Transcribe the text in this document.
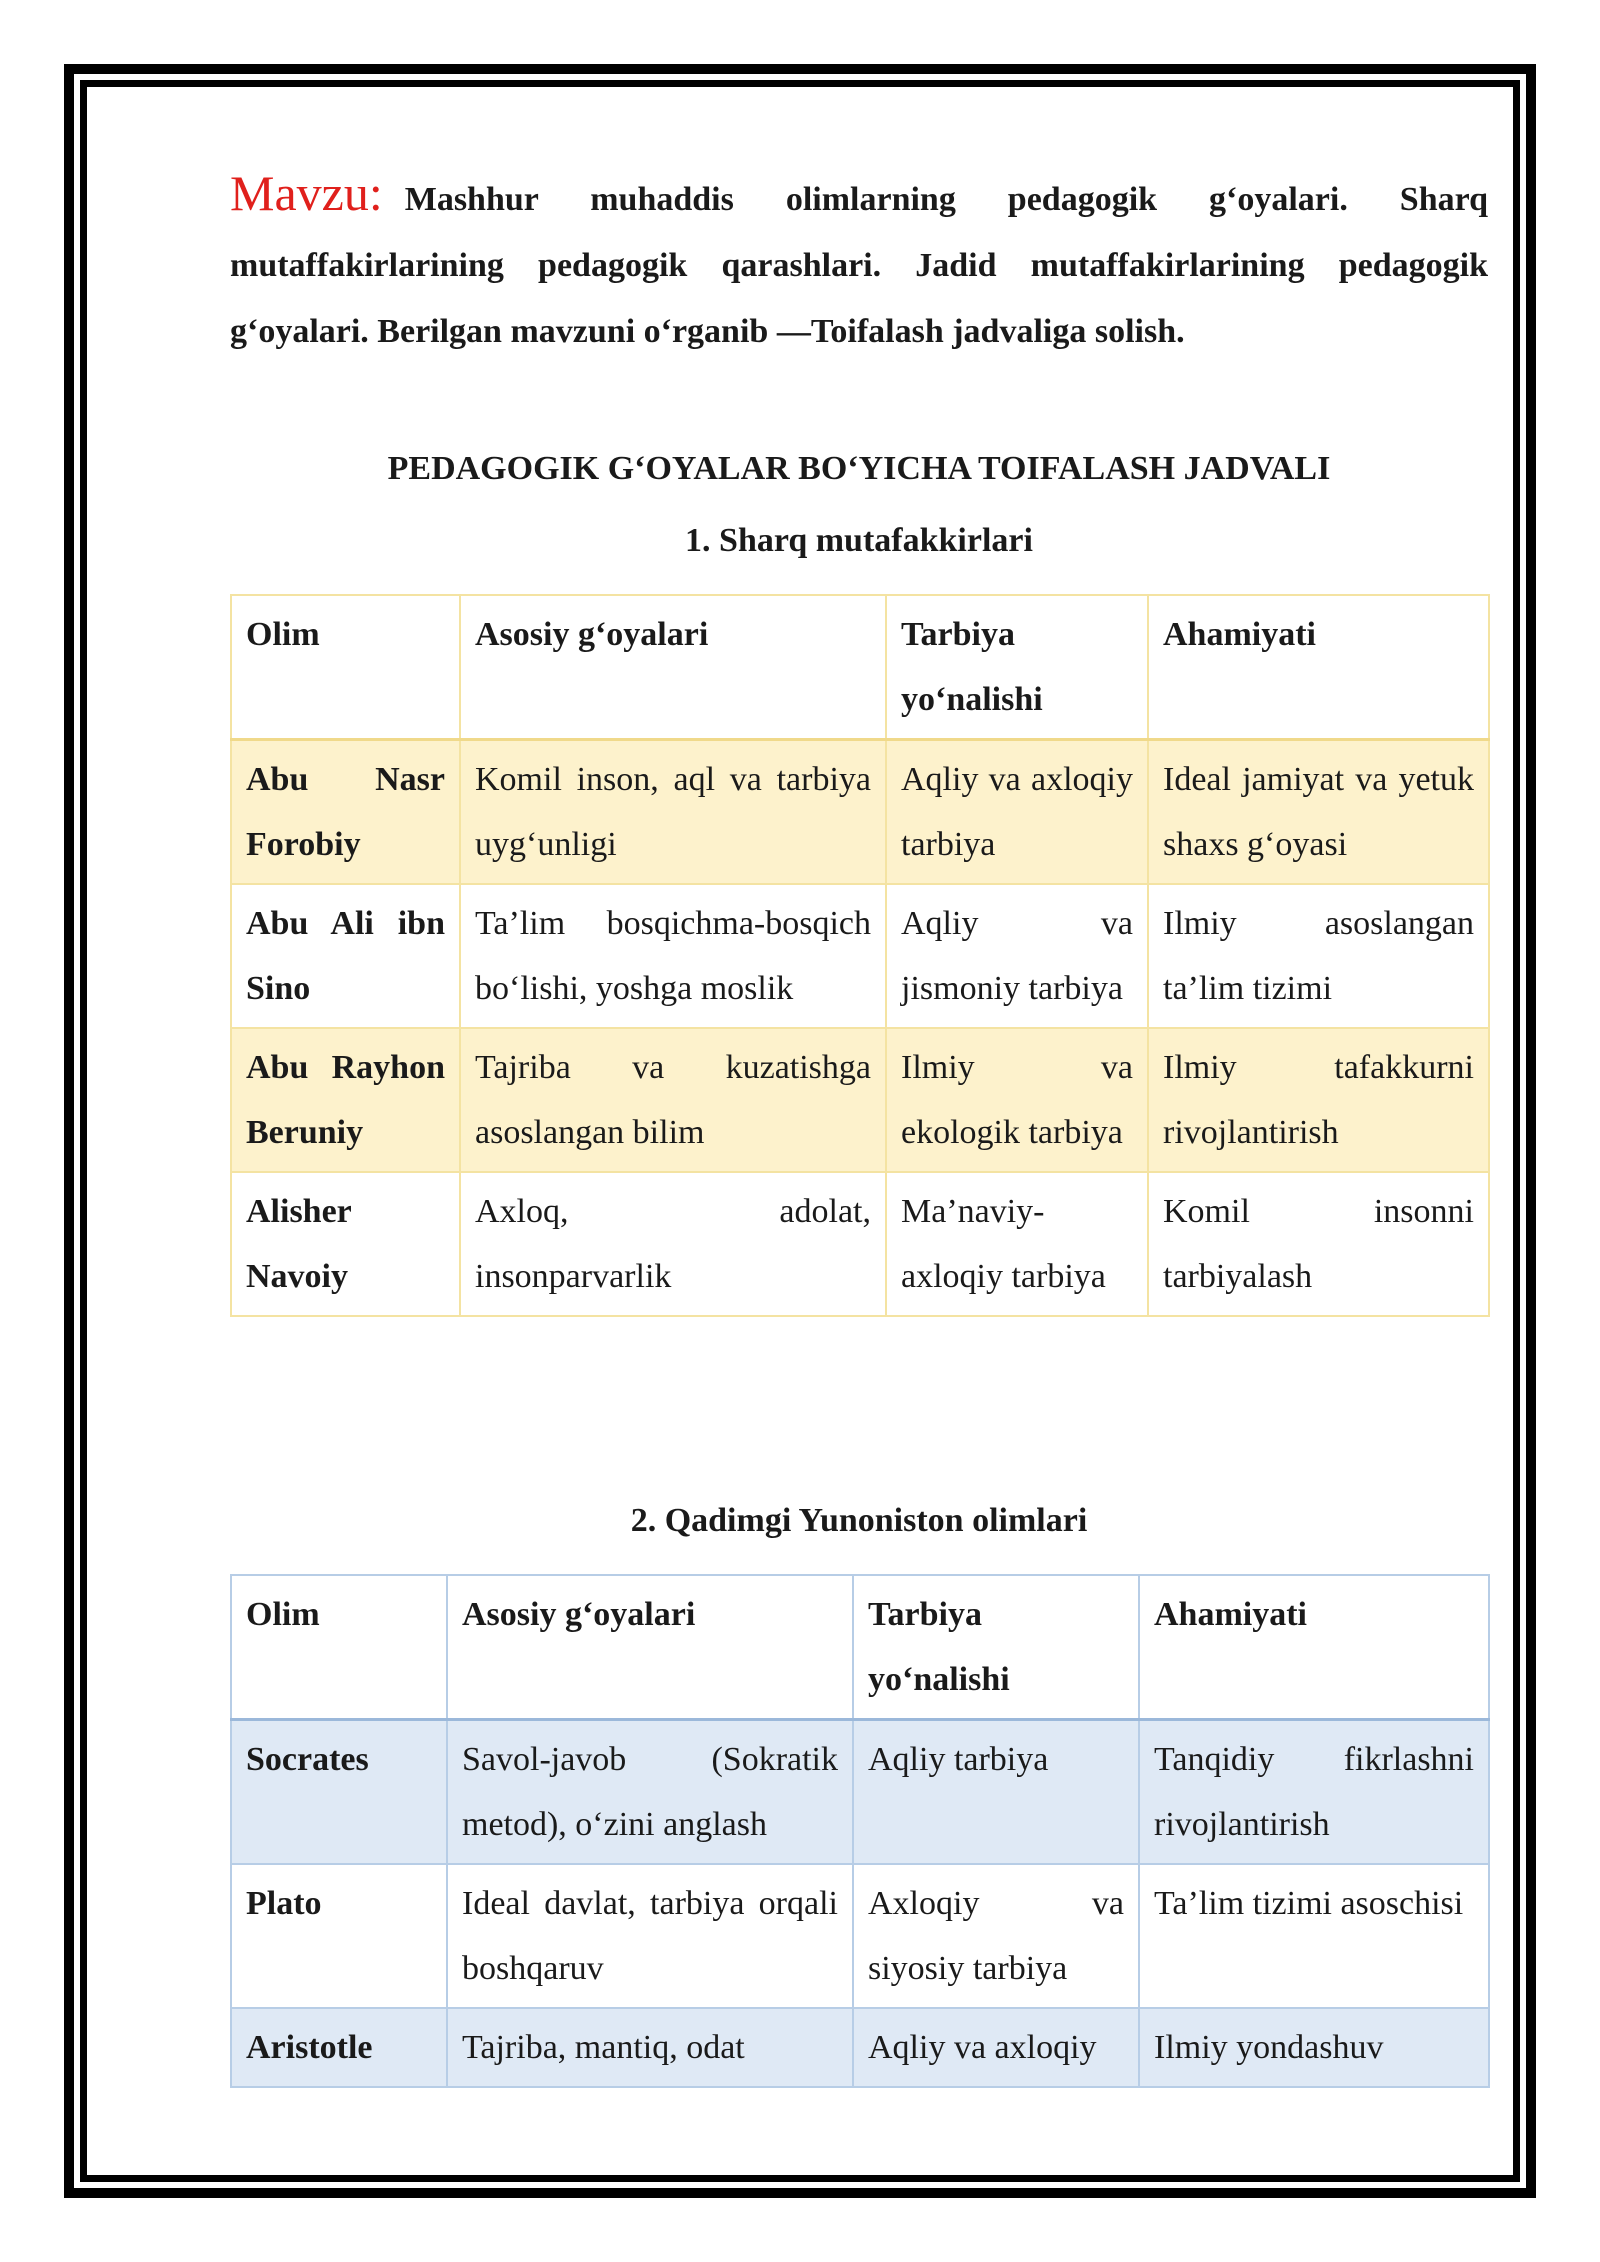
Mavzu: Mashhur muhaddis olimlarning pedagogik g‘oyalari. Sharq mutaffakirlarining pedagogik qarashlari. Jadid mutaffakirlarining pedagogik g‘oyalari. Berilgan mavzuni o‘rganib —Toifalash jadvaliga solish.

PEDAGOGIK G‘OYALAR BO‘YICHA TOIFALASH JADVALI
1. Sharq mutafakkirlari
Olim	Asosiy g‘oyalari	Tarbiya yo‘nalishi	Ahamiyati
Abu Nasr Forobiy	Komil inson, aql va tarbiya uyg‘unligi	Aqliy va axloqiy tarbiya	Ideal jamiyat va yetuk shaxs g‘oyasi
Abu Ali ibn Sino	Ta’lim bosqichma-bosqich bo‘lishi, yoshga moslik	Aqliy va jismoniy tarbiya	Ilmiy asoslangan ta’lim tizimi
Abu Rayhon Beruniy	Tajriba va kuzatishga asoslangan bilim	Ilmiy va ekologik tarbiya	Ilmiy tafakkurni rivojlantirish
Alisher Navoiy	Axloq, adolat, insonparvarlik	Ma’naviy-axloqiy tarbiya	Komil insonni tarbiyalash
2. Qadimgi Yunoniston olimlari
Olim	Asosiy g‘oyalari	Tarbiya yo‘nalishi	Ahamiyati
Socrates	Savol-javob (Sokratik metod), o‘zini anglash	Aqliy tarbiya	Tanqidiy fikrlashni rivojlantirish
Plato	Ideal davlat, tarbiya orqali boshqaruv	Axloqiy va siyosiy tarbiya	Ta’lim tizimi asoschisi
Aristotle	Tajriba, mantiq, odat	Aqliy va axloqiy	Ilmiy yondashuv
